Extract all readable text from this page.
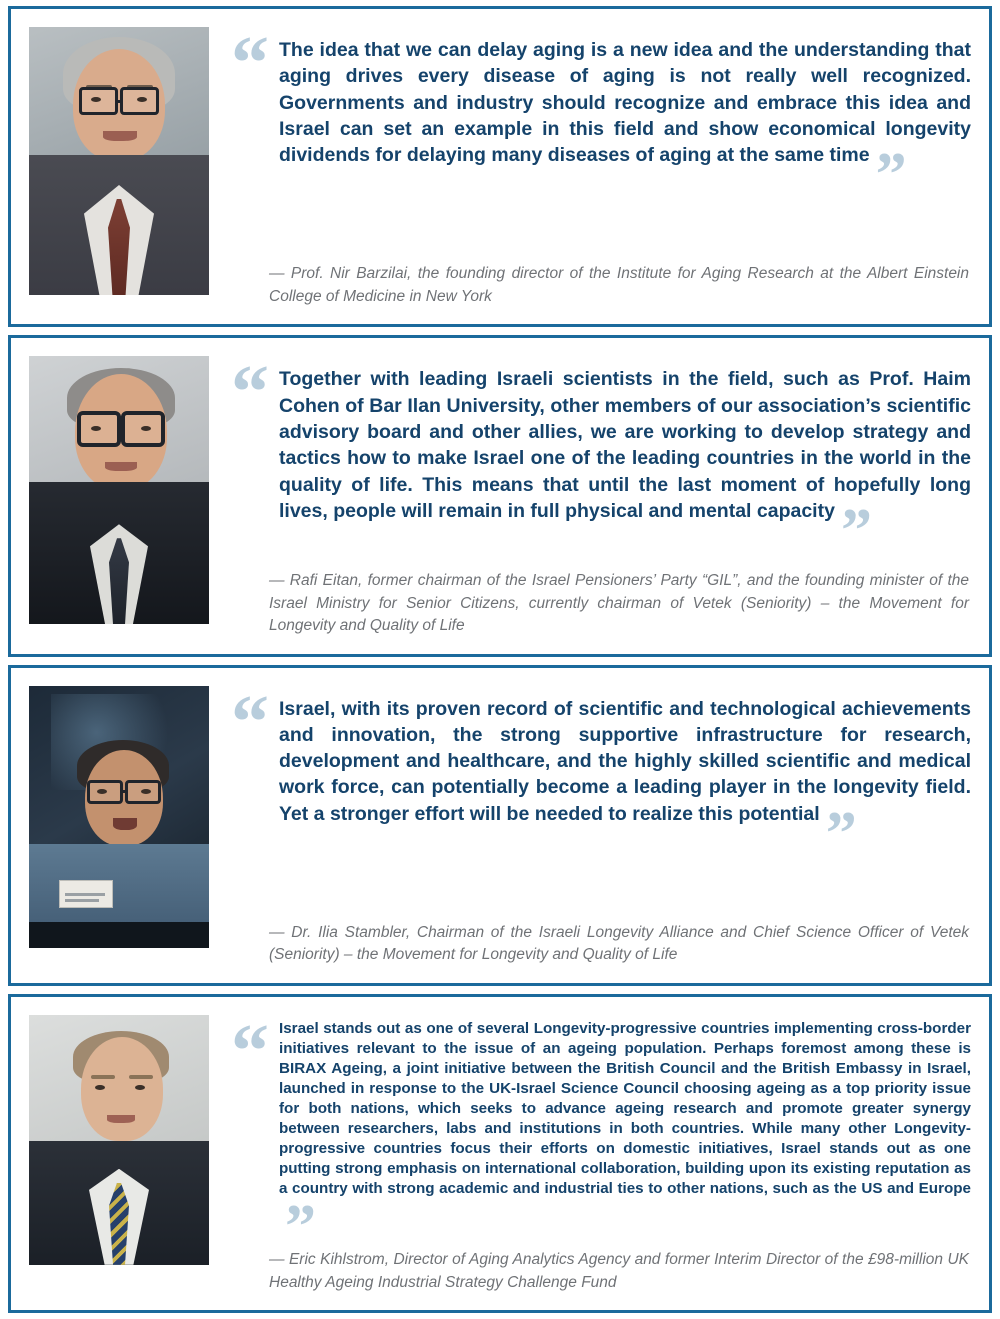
“ The idea that we can delay aging is a new idea and the understanding that aging drives every disease of aging is not really well recognized. Governments and industry should recognize and embrace this idea and Israel can set an example in this field and show economical longevity dividends for delaying many diseases of aging at the same time”
— Prof. Nir Barzilai, the founding director of the Institute for Aging Research at the Albert Einstein College of Medicine in New York
“ Together with leading Israeli scientists in the field, such as Prof. Haim Cohen of Bar Ilan University, other members of our association’s scientific advisory board and other allies, we are working to develop strategy and tactics how to make Israel one of the leading countries in the world in the quality of life. This means that until the last moment of hopefully long lives, people will remain in full physical and mental capacity”
— Rafi Eitan, former chairman of the Israel Pensioners’ Party “GIL”, and the founding minister of the Israel Ministry for Senior Citizens, currently chairman of Vetek (Seniority) – the Movement for Longevity and Quality of Life
“ Israel, with its proven record of scientific and technological achievements and innovation, the strong supportive infrastructure for research, development and healthcare, and the highly skilled scientific and medical work force, can potentially become a leading player in the longevity field. Yet a stronger effort will be needed to realize this potential”
— Dr. Ilia Stambler, Chairman of the Israeli Longevity Alliance and Chief Science Officer of Vetek (Seniority) – the Movement for Longevity and Quality of Life
“ Israel stands out as one of several Longevity-progressive countries implementing cross-border initiatives relevant to the issue of an ageing population. Perhaps foremost among these is BIRAX Ageing, a joint initiative between the British Council and the British Embassy in Israel, launched in response to the UK-Israel Science Council choosing ageing as a top priority issue for both nations, which seeks to advance ageing research and promote greater synergy between researchers, labs and institutions in both countries. While many other Longevity-progressive countries focus their efforts on domestic initiatives, Israel stands out as one putting strong emphasis on international collaboration, building upon its existing reputation as a country with strong academic and industrial ties to other nations, such as the US and Europe”
— Eric Kihlstrom, Director of Aging Analytics Agency and former Interim Director of the £98-million UK Healthy Ageing Industrial Strategy Challenge Fund
